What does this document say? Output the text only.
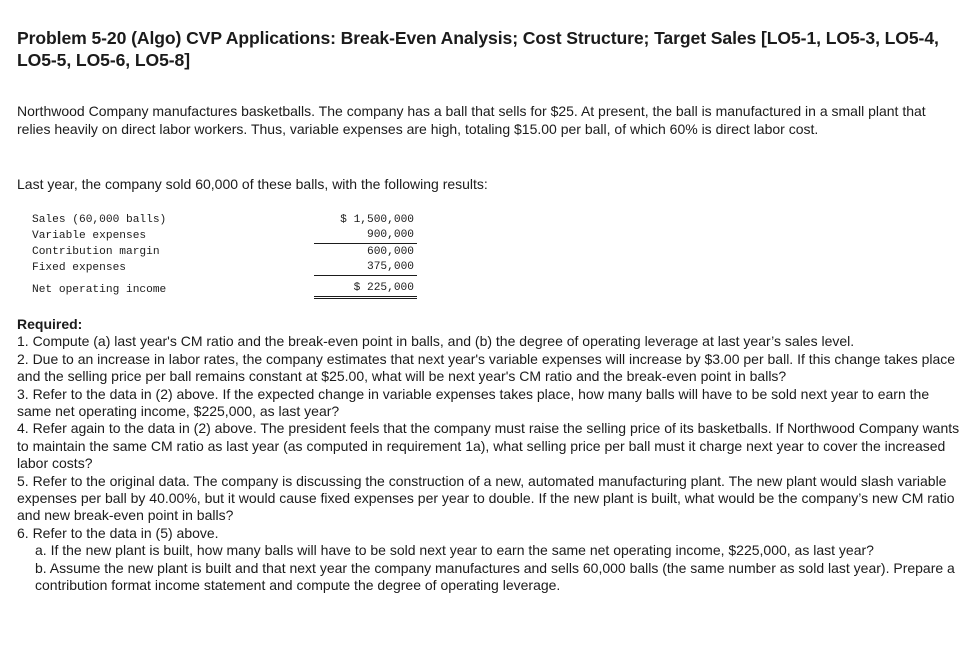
Problem 5-20 (Algo) CVP Applications: Break-Even Analysis; Cost Structure; Target Sales [LO5-1, LO5-3, LO5-4, LO5-5, LO5-6, LO5-8]

Northwood Company manufactures basketballs. The company has a ball that sells for $25. At present, the ball is manufactured in a small plant that relies heavily on direct labor workers. Thus, variable expenses are high, totaling $15.00 per ball, of which 60% is direct labor cost.

Last year, the company sold 60,000 of these balls, with the following results:

Sales (60,000 balls)	$ 1,500,000
Variable expenses	900,000
Contribution margin	600,000
Fixed expenses	375,000
Net operating income	$ 225,000
Required:
1. Compute (a) last year's CM ratio and the break-even point in balls, and (b) the degree of operating leverage at last year’s sales level.
2. Due to an increase in labor rates, the company estimates that next year's variable expenses will increase by $3.00 per ball. If this change takes place and the selling price per ball remains constant at $25.00, what will be next year's CM ratio and the break-even point in balls?
3. Refer to the data in (2) above. If the expected change in variable expenses takes place, how many balls will have to be sold next year to earn the same net operating income, $225,000, as last year?
4. Refer again to the data in (2) above. The president feels that the company must raise the selling price of its basketballs. If Northwood Company wants to maintain the same CM ratio as last year (as computed in requirement 1a), what selling price per ball must it charge next year to cover the increased labor costs?
5. Refer to the original data. The company is discussing the construction of a new, automated manufacturing plant. The new plant would slash variable expenses per ball by 40.00%, but it would cause fixed expenses per year to double. If the new plant is built, what would be the company’s new CM ratio and new break-even point in balls?
6. Refer to the data in (5) above.
a. If the new plant is built, how many balls will have to be sold next year to earn the same net operating income, $225,000, as last year?
b. Assume the new plant is built and that next year the company manufactures and sells 60,000 balls (the same number as sold last year). Prepare a contribution format income statement and compute the degree of operating leverage.
